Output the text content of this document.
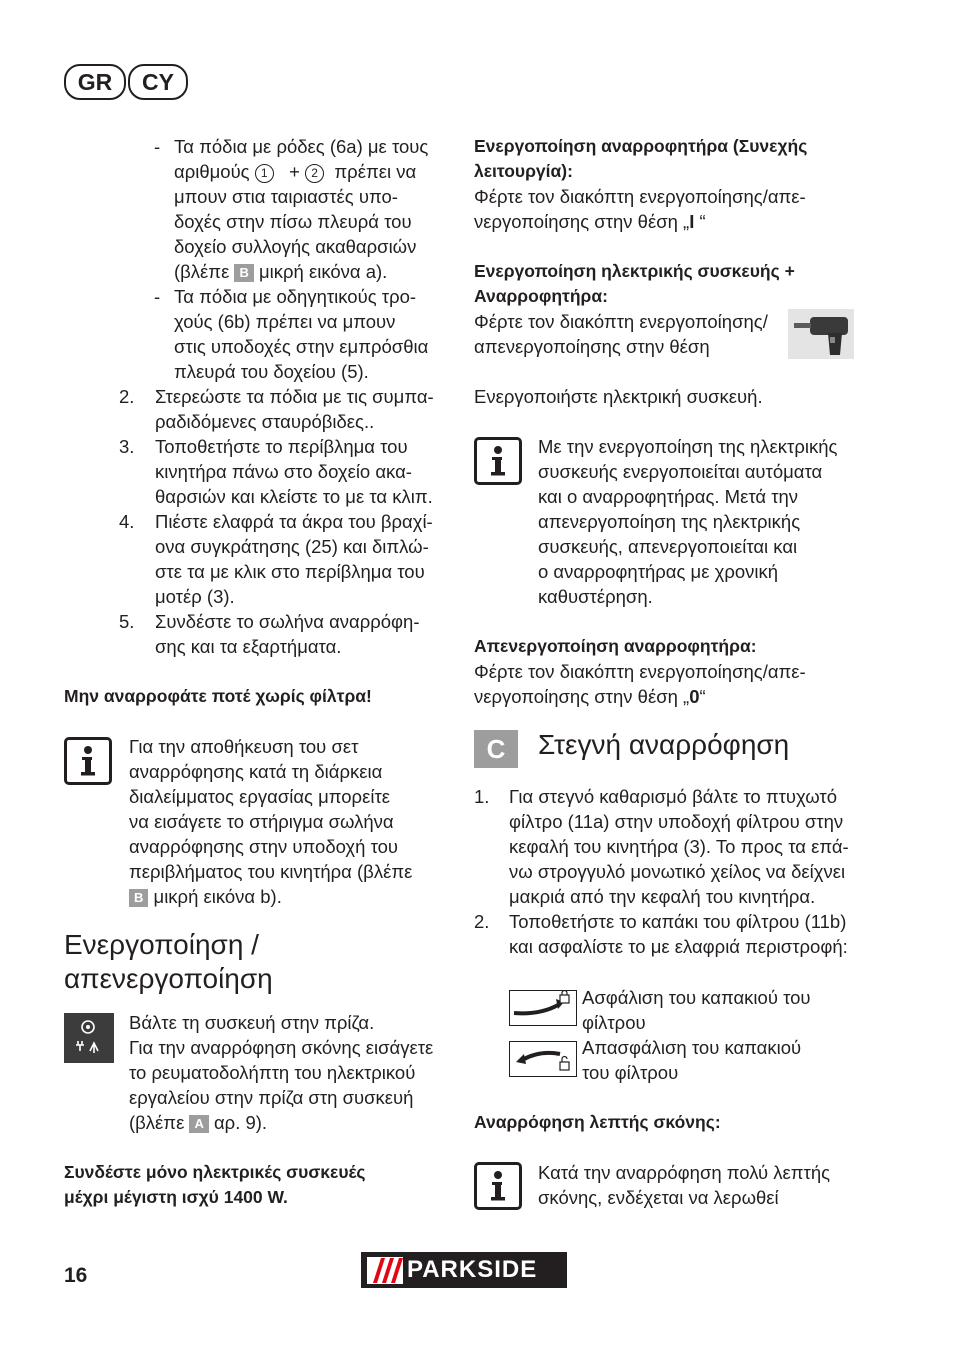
GR	CY
- Τα πόδια με ρόδες (6a) με τους
αριθμούς 1   + 2  πρέπει να
μπουν στια ταιριαστές υπο-
δοχές στην πίσω πλευρά του
δοχείο συλλογής ακαθαρσιών
(βλέπε B μικρή εικόνα a).
- Τα πόδια με οδηγητικούς τρο-
χούς (6b) πρέπει να μπουν
στις υποδοχές στην εμπρόσθια
πλευρά του δοχείου (5).
2. Στερεώστε τα πόδια με τις συμπα-
ραδιδόμενες σταυρόβιδες..
3. Τοποθετήστε το περίβλημα του
κινητήρα πάνω στο δοχείο ακα-
θαρσιών και κλείστε το με τα κλιπ.
4. Πιέστε ελαφρά τα άκρα του βραχί-
ονα συγκράτησης (25) και διπλώ-
στε τα με κλικ στο περίβλημα του
μοτέρ (3).
5. Συνδέστε το σωλήνα αναρρόφη-
σης και τα εξαρτήματα.
Μην αναρροφάτε ποτέ χωρίς φίλτρα!
Για την αποθήκευση του σετ
αναρρόφησης κατά τη διάρκεια
διαλείμματος εργασίας μπορείτε
να εισάγετε το στήριγμα σωλήνα
αναρρόφησης στην υποδοχή του
περιβλήματος του κινητήρα (βλέπε
B μικρή εικόνα b).
Ενεργοποίηση /
απενεργοποίηση
Βάλτε τη συσκευή στην πρίζα.
Για την αναρρόφηση σκόνης εισάγετε
το ρευματοδολήπτη του ηλεκτρικού
εργαλείου στην πρίζα στη συσκευή
(βλέπε A αρ. 9).
Συνδέστε μόνο ηλεκτρικές συσκευές
μέχρι μέγιστη ισχύ 1400 W.
Ενεργοποίηση αναρροφητήρα (Συνεχής
λειτουργία):
Φέρτε τον διακόπτη ενεργοποίησης/απε-
νεργοποίησης στην θέση „I “
Ενεργοποίηση ηλεκτρικής συσκευής +
Αναρροφητήρα:
Φέρτε τον διακόπτη ενεργοποίησης/
απενεργοποίησης στην θέση
Ενεργοποιήστε ηλεκτρική συσκευή.
Με την ενεργοποίηση της ηλεκτρικής
συσκευής ενεργοποιείται αυτόματα
και ο αναρροφητήρας. Μετά την
απενεργοποίηση της ηλεκτρικής
συσκευής, απενεργοποιείται και
ο αναρροφητήρας με χρονική
καθυστέρηση.
Απενεργοποίηση αναρροφητήρα:
Φέρτε τον διακόπτη ενεργοποίησης/απε-
νεργοποίησης στην θέση „0“
C	Στεγνή αναρρόφηση
1. Για στεγνό καθαρισμό βάλτε το πτυχωτό
φίλτρο (11a) στην υποδοχή φίλτρου στην
κεφαλή του κινητήρα (3). Το προς τα επά-
νω στρογγυλό μονωτικό χείλος να δείχνει
μακριά από την κεφαλή του κινητήρα.
2. Τοποθετήστε το καπάκι του φίλτρου (11b)
και ασφαλίστε το με ελαφριά περιστροφή:
Ασφάλιση του καπακιού του
φίλτρου
Απασφάλιση του καπακιού
του φίλτρου
Αναρρόφηση λεπτής σκόνης:
Κατά την αναρρόφηση πολύ λεπτής
σκόνης, ενδέχεται να λερωθεί
16	PARKSIDE
